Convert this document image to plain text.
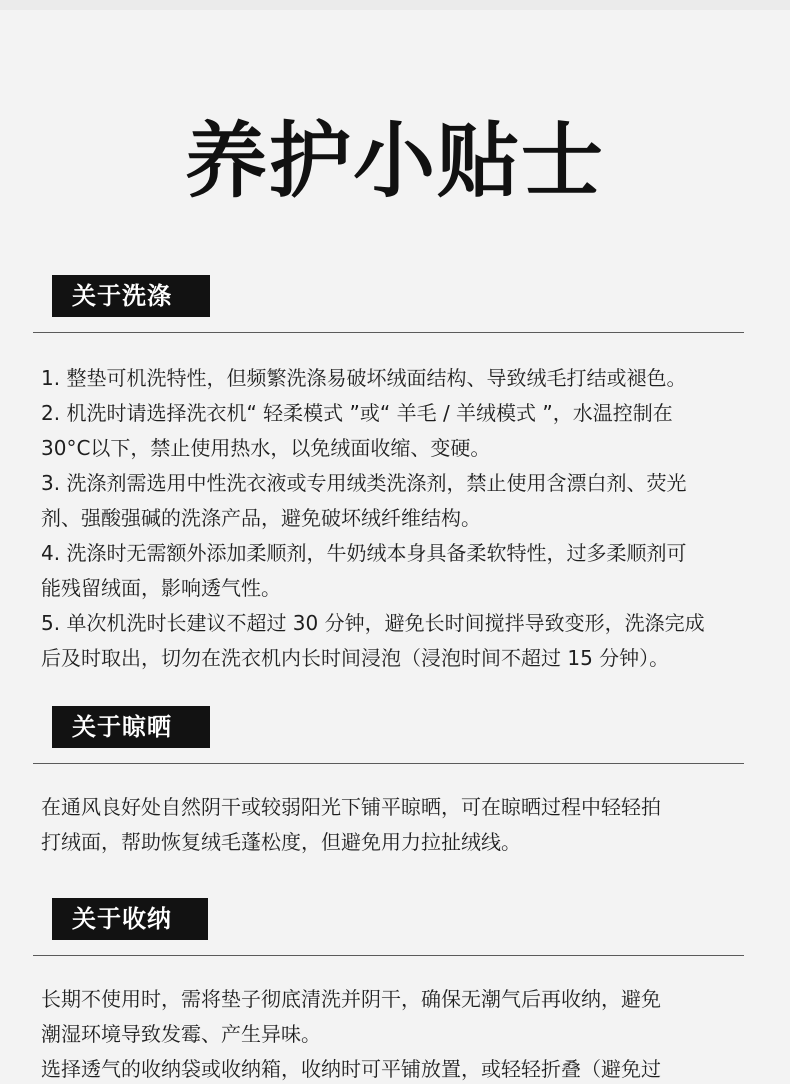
养护小贴士
关于洗涤
1. 整垫可机洗特性，但频繁洗涤易破坏绒面结构、导致绒毛打结或褪色。
2. 机洗时请选择洗衣机“ 轻柔模式 ”或“ 羊毛 / 羊绒模式 ”，水温控制在
30°C以下，禁止使用热水，以免绒面收缩、变硬。
3. 洗涤剂需选用中性洗衣液或专用绒类洗涤剂，禁止使用含漂白剂、荧光
剂、强酸强碱的洗涤产品，避免破坏绒纤维结构。
4. 洗涤时无需额外添加柔顺剂，牛奶绒本身具备柔软特性，过多柔顺剂可
能残留绒面，影响透气性。
5. 单次机洗时长建议不超过 30 分钟，避免长时间搅拌导致变形，洗涤完成
后及时取出，切勿在洗衣机内长时间浸泡（浸泡时间不超过 15 分钟）。
关于晾晒
在通风良好处自然阴干或较弱阳光下铺平晾晒，可在晾晒过程中轻轻拍
打绒面，帮助恢复绒毛蓬松度，但避免用力拉扯绒线。
关于收纳
长期不使用时，需将垫子彻底清洗并阴干，确保无潮气后再收纳，避免
潮湿环境导致发霉、产生异味。
选择透气的收纳袋或收纳箱，收纳时可平铺放置，或轻轻折叠（避免过
